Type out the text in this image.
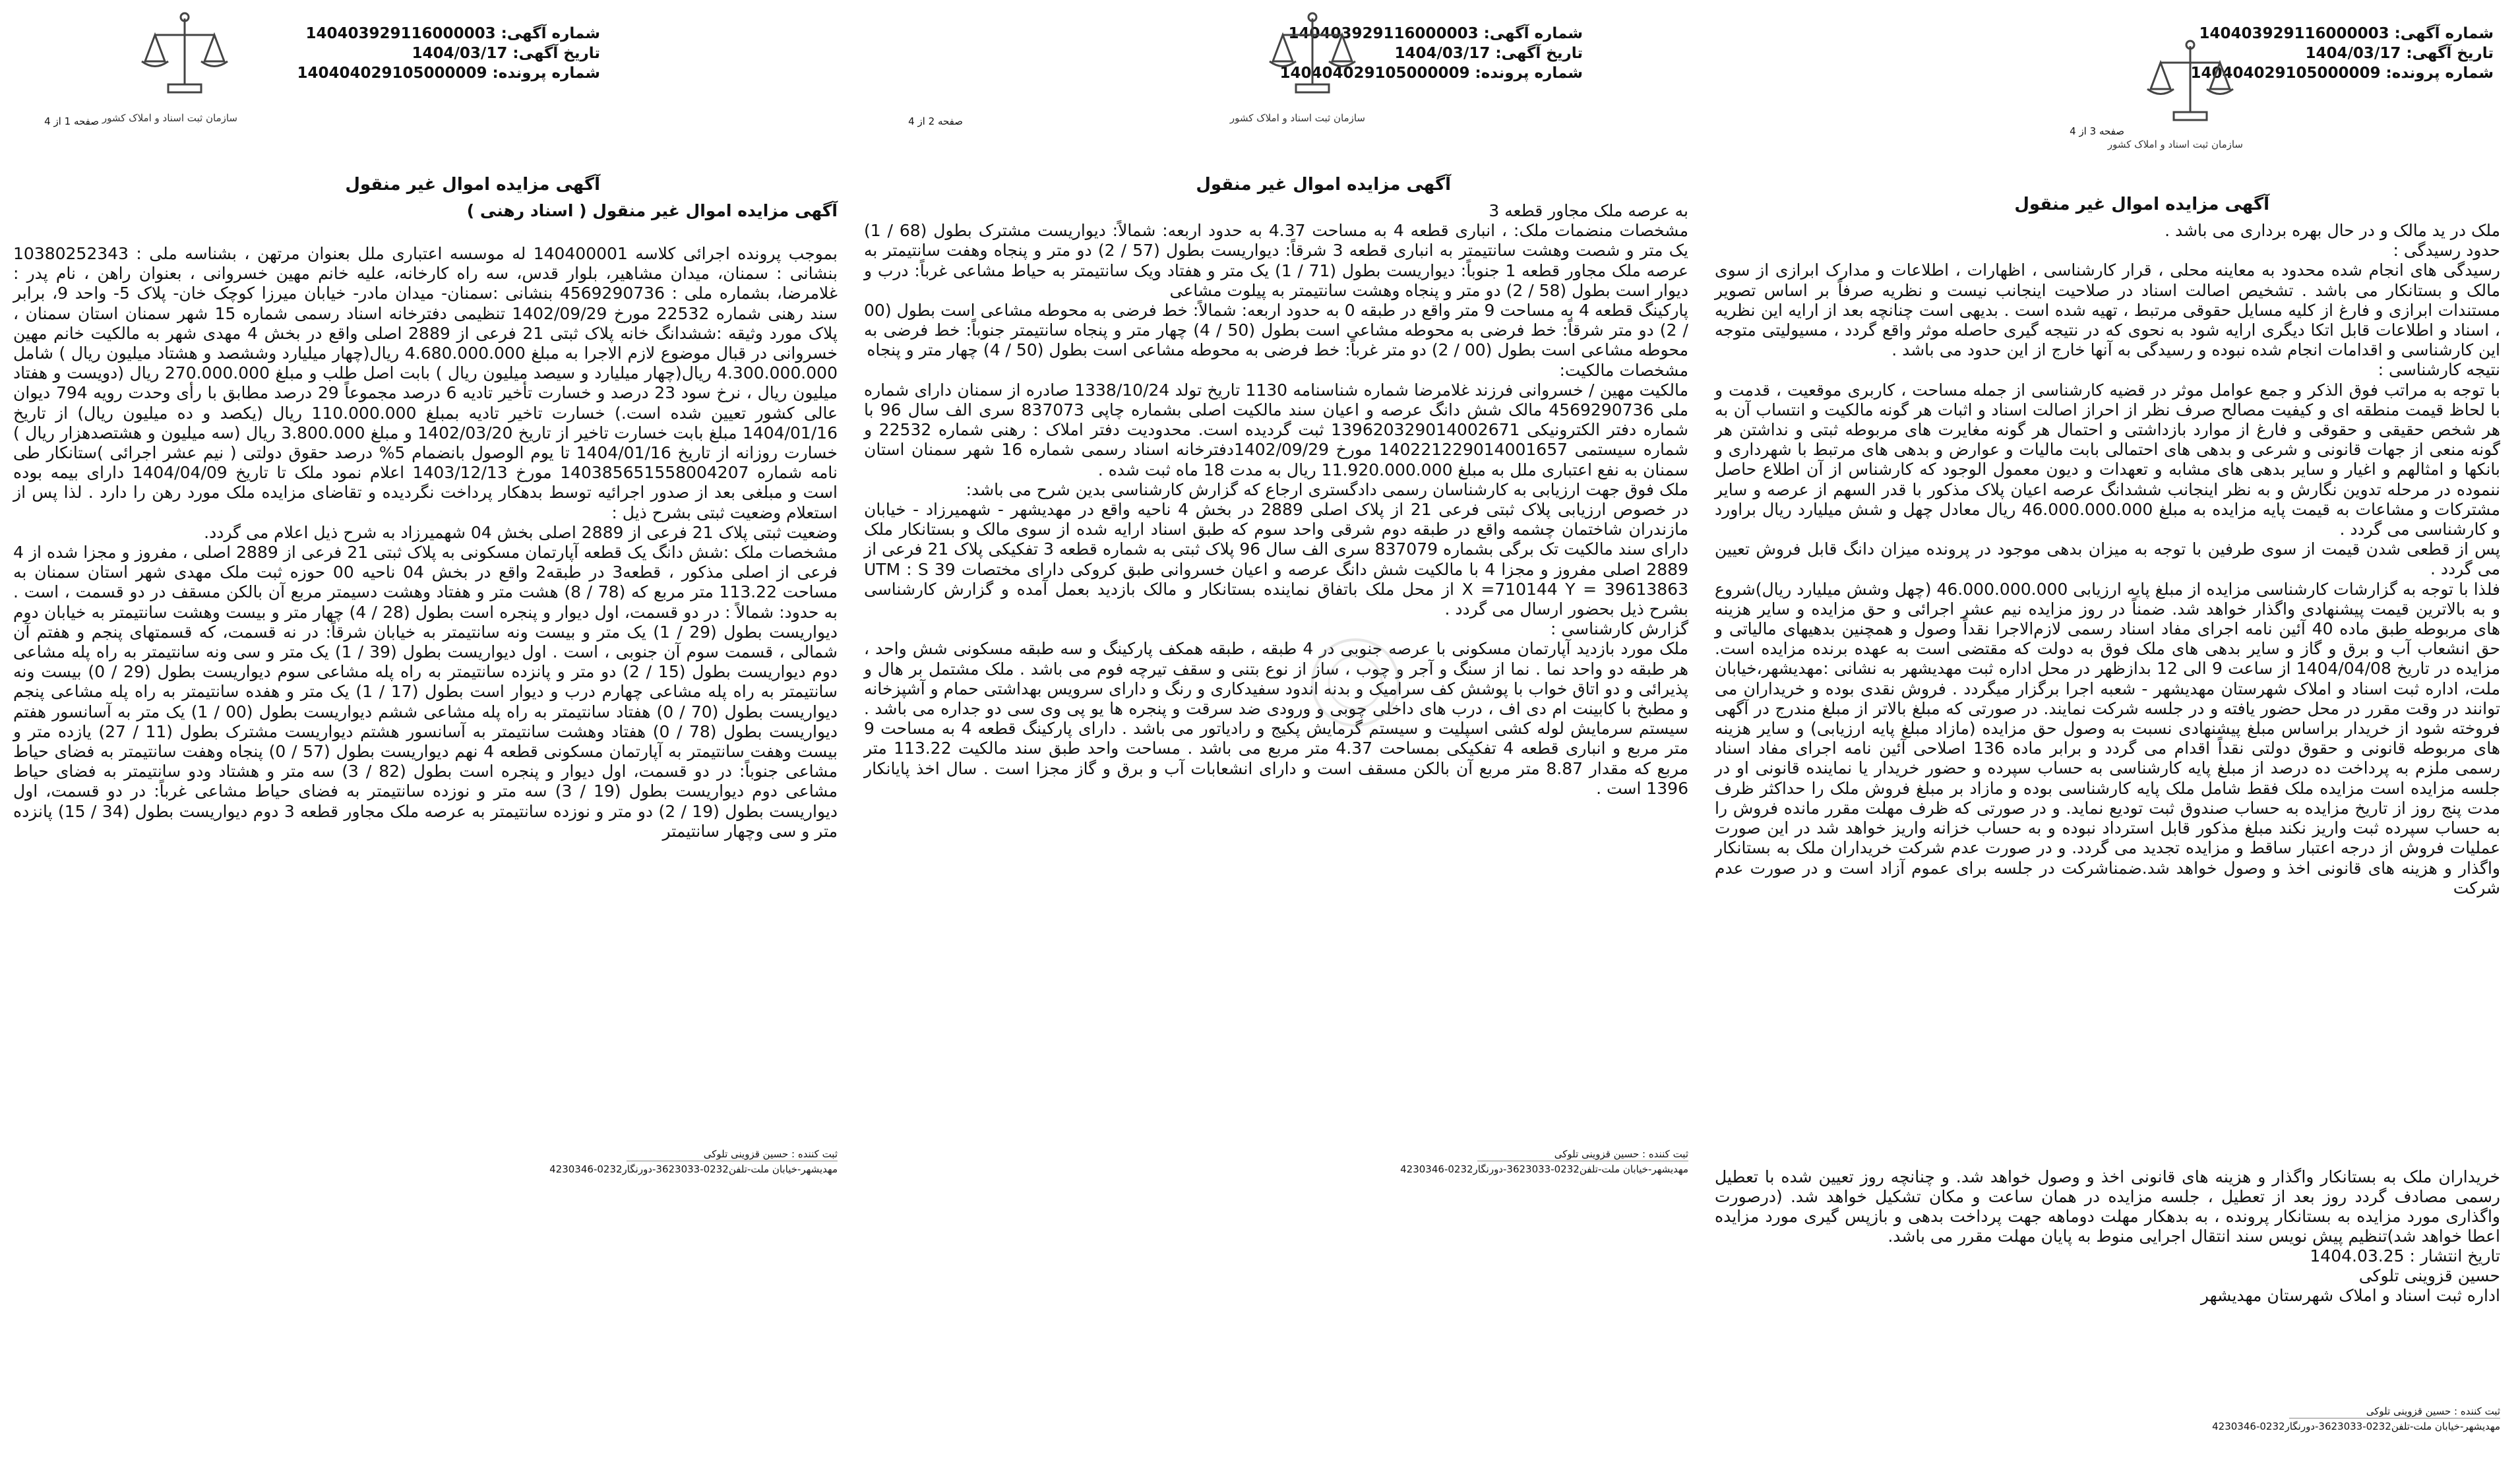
شماره آگهی: 140403929116000003
تاریخ آگهی: 1404/03/17
شماره پرونده: 140404029105000009
سازمان ثبت اسناد و املاک کشور
صفحه 1 از 4
آگهی مزایده اموال غیر منقول
آگهی مزایده اموال غیر منقول ( اسناد رهنی )

بموجب پرونده اجرائی کلاسه 140400001 له موسسه اعتباری ملل بعنوان مرتهن ، بشناسه ملی : 10380252343 بنشانی : سمنان، میدان مشاهیر، بلوار قدس، سه راه کارخانه، علیه خانم مهین خسروانی ، بعنوان راهن ، نام پدر : غلامرضا، بشماره ملی : 4569290736 بنشانی :سمنان- میدان مادر- خیابان میرزا کوچک خان- پلاک 5- واحد 9، برابر سند رهنی شماره 22532 مورخ 1402/09/29 تنظیمی دفترخانه اسناد رسمی شماره 15 شهر سمنان استان سمنان ، پلاک مورد وثیقه :ششدانگ خانه پلاک ثبتی 21 فرعی از 2889 اصلی واقع در بخش 4 مهدی شهر به مالکیت خانم مهین خسروانی در قبال موضوع لازم الاجرا به مبلغ 4.680.000.000 ریال(چهار میلیارد وششصد و هشتاد میلیون ریال ) شامل 4.300.000.000 ریال(چهار میلیارد و سیصد میلیون ریال ) بابت اصل طلب و مبلغ 270.000.000 ریال (دویست و هفتاد میلیون ریال ، نرخ سود 23 درصد و خسارت تأخیر تادیه 6 درصد مجموعاً 29 درصد مطابق با رأی وحدت رویه 794 دیوان عالی کشور تعیین شده است.) خسارت تاخیر تادیه بمبلغ 110.000.000 ریال (یکصد و ده میلیون ریال) از تاریخ 1404/01/16 مبلغ بابت خسارت تاخیر از تاریخ 1402/03/20 و مبلغ 3.800.000 ریال (سه میلیون و هشتصدهزار ریال ) خسارت روزانه از تاریخ 1404/01/16 تا یوم الوصول بانضمام 5% درصد حقوق دولتی ( نیم عشر اجرائی )ستانکار طی نامه شماره 140385651558004207 مورخ 1403/12/13 اعلام نمود ملک تا تاریخ 1404/04/09 دارای بیمه بوده است و مبلغی بعد از صدور اجرائیه توسط بدهکار پرداخت نگردیده و تقاضای مزایده ملک مورد رهن را دارد . لذا پس از استعلام وضعیت ثبتی بشرح ذیل :

وضعیت ثبتی پلاک 21 فرعی از 2889 اصلی بخش 04 شهمیرزاد به شرح ذیل اعلام می گردد.

مشخصات ملک :شش دانگ یک قطعه آپارتمان مسکونی به پلاک ثبتی 21 فرعی از 2889 اصلی ، مفروز و مجزا شده از 4 فرعی از اصلی مذکور ، قطعه3 در طبقه2 واقع در بخش 04 ناحیه 00 حوزه ثبت ملک مهدی شهر استان سمنان به مساحت 113.22 متر مربع که (78 / 8) هشت متر و هفتاد وهشت دسیمتر مربع آن بالکن مسقف در دو قسمت ، است . به حدود: شمالاً : در دو قسمت، اول دیوار و پنجره است بطول (28 / 4) چهار متر و بیست وهشت سانتیمتر به خیابان دوم دیواریست بطول (29 / 1) یک متر و بیست ونه سانتیمتر به خیابان شرقاً: در نه قسمت، که قسمتهای پنجم و هفتم آن شمالی ، قسمت سوم آن جنوبی ، است . اول دیواریست بطول (39 / 1) یک متر و سی ونه سانتیمتر به راه پله مشاعی دوم دیواریست بطول (15 / 2) دو متر و پانزده سانتیمتر به راه پله مشاعی سوم دیواریست بطول (29 / 0) بیست ونه سانتیمتر به راه پله مشاعی چهارم درب و دیوار است بطول (17 / 1) یک متر و هفده سانتیمتر به راه پله مشاعی پنجم دیواریست بطول (70 / 0) هفتاد سانتیمتر به راه پله مشاعی ششم دیواریست بطول (00 / 1) یک متر به آسانسور هفتم دیواریست بطول (78 / 0) هفتاد وهشت سانتیمتر به آسانسور هشتم دیواریست مشترک بطول (11 / 27) یازده متر و بیست وهفت سانتیمتر به آپارتمان مسکونی قطعه 4 نهم دیواریست بطول (57 / 0) پنجاه وهفت سانتیمتر به فضای حیاط مشاعی جنوباً: در دو قسمت، اول دیوار و پنجره است بطول (82 / 3) سه متر و هشتاد ودو سانتیمتر به فضای حیاط مشاعی دوم دیواریست بطول (19 / 3) سه متر و نوزده سانتیمتر به فضای حیاط مشاعی غرباً: در دو قسمت، اول دیواریست بطول (19 / 2) دو متر و نوزده سانتیمتر به عرصه ملک مجاور قطعه 3 دوم دیواریست بطول (34 / 15) پانزده متر و سی وچهار سانتیمتر

ثبت کننده : حسین قزوینی تلوکی
مهدیشهر-خیابان ملت-تلفن0232-3623033-دورنگار0232-4230346
شماره آگهی: 140403929116000003
تاریخ آگهی: 1404/03/17
شماره پرونده: 140404029105000009
سازمان ثبت اسناد و املاک کشور
صفحه 2 از 4
آگهی مزایده اموال غیر منقول

به عرصه ملک مجاور قطعه 3

مشخصات منضمات ملک: ، انباری قطعه 4 به مساحت 4.37 به حدود اربعه: شمالاً: دیواریست مشترک بطول (68 / 1) یک متر و شصت وهشت سانتیمتر به انباری قطعه 3 شرقاً: دیواریست بطول (57 / 2) دو متر و پنجاه وهفت سانتیمتر به عرصه ملک مجاور قطعه 1 جنوباً: دیواریست بطول (71 / 1) یک متر و هفتاد ویک سانتیمتر به حیاط مشاعی غرباً: درب و دیوار است بطول (58 / 2) دو متر و پنجاه وهشت سانتیمتر به پیلوت مشاعی

پارکینگ قطعه 4 به مساحت 9 متر واقع در طبقه 0 به حدود اربعه: شمالاً: خط فرضی به محوطه مشاعی است بطول (00 / 2) دو متر شرقاً: خط فرضی به محوطه مشاعی است بطول (50 / 4) چهار متر و پنجاه سانتیمتر جنوباً: خط فرضی به محوطه مشاعی است بطول (00 / 2) دو متر غرباً: خط فرضی به محوطه مشاعی است بطول (50 / 4) چهار متر و پنجاه

مشخصات مالکیت:

مالکیت مهین / خسروانی فرزند غلامرضا شماره شناسنامه 1130 تاریخ تولد 1338/10/24 صادره از سمنان دارای شماره ملی 4569290736 مالک شش دانگ عرصه و اعیان سند مالکیت اصلی بشماره چاپی 837073 سری الف سال 96 با شماره دفتر الکترونیکی 139620329014002671 ثبت گردیده است. محدودیت دفتر املاک : رهنی شماره 22532 و شماره سیستمی 140221229014001657 مورخ 1402/09/29دفترخانه اسناد رسمی شماره 16 شهر سمنان استان سمنان به نفع اعتباری ملل به مبلغ 11.920.000.000 ریال به مدت 18 ماه ثبت شده .

ملک فوق جهت ارزیابی به کارشناسان رسمی دادگستری ارجاع که گزارش کارشناسی بدین شرح می باشد:

در خصوص ارزیابی پلاک ثبتی فرعی 21 از پلاک اصلی 2889 در بخش 4 ناحیه واقع در مهدیشهر - شهمیرزاد - خیابان مازندران شاختمان چشمه واقع در طبقه دوم شرقی واحد سوم که طبق اسناد ارایه شده از سوی مالک و بستانکار ملک دارای سند مالکیت تک برگی بشماره 837079 سری الف سال 96 پلاک ثبتی به شماره قطعه 3 تفکیکی پلاک 21 فرعی از 2889 اصلی مفروز و مجزا 4 با مالکیت شش دانگ عرصه و اعیان خسروانی طبق کروکی دارای مختصات UTM : S 39 X =710144 Y = 39613863 از محل ملک باتفاق نماینده بستانکار و مالک بازدید بعمل آمده و گزارش کارشناسی بشرح ذیل بحضور ارسال می گردد .

گزارش کارشناسی :

ملک مورد بازدید آپارتمان مسکونی با عرصه جنوبی در 4 طبقه ، طبقه همکف پارکینگ و سه طبقه مسکونی شش واحد ، هر طبقه دو واحد نما . نما از سنگ و آجر و چوب ، ساز از نوع بتنی و سقف تیرچه فوم می باشد . ملک مشتمل بر هال و پذیرائی و دو اتاق خواب با پوشش کف سرامیک و بدنه اندود سفیدکاری و رنگ و دارای سرویس بهداشتی حمام و آشپزخانه و مطبخ با کابینت ام دی اف ، درب های داخلی چوبی و ورودی ضد سرقت و پنجره ها یو پی وی سی دو جداره می باشد . سیستم سرمایش لوله کشی اسپلیت و سیستم گرمایش پکیج و رادیاتور می باشد . دارای پارکینگ قطعه 4 به مساحت 9 متر مربع و انباری قطعه 4 تفکیکی بمساحت 4.37 متر مربع می باشد . مساحت واحد طبق سند مالکیت 113.22 متر مربع که مقدار 8.87 متر مربع آن بالکن مسقف است و دارای انشعابات آب و برق و گاز مجزا است . سال اخذ پایانکار 1396 است .

ثبت کننده : حسین قزوینی تلوکی
مهدیشهر-خیابان ملت-تلفن0232-3623033-دورنگار0232-4230346
شماره آگهی: 140403929116000003
تاریخ آگهی: 1404/03/17
شماره پرونده: 140404029105000009
سازمان ثبت اسناد و املاک کشور
صفحه 3 از 4
آگهی مزایده اموال غیر منقول

ملک در ید مالک و در حال بهره برداری می باشد .

حدود رسیدگی :

رسیدگی های انجام شده محدود به معاینه محلی ، قرار کارشناسی ، اظهارات ، اطلاعات و مدارک ابرازی از سوی مالک و بستانکار می باشد . تشخیص اصالت اسناد در صلاحیت اینجانب نیست و نظریه صرفاً بر اساس تصویر مستندات ابرازی و فارغ از کلیه مسایل حقوقی مرتبط ، تهیه شده است . بدیهی است چنانچه بعد از ارایه این نظریه ، اسناد و اطلاعات قابل اتکا دیگری ارایه شود به نحوی که در نتیجه گیری حاصله موثر واقع گردد ، مسیولیتی متوجه این کارشناسی و اقدامات انجام شده نبوده و رسیدگی به آنها خارج از این حدود می باشد .

نتیجه کارشناسی :

با توجه به مراتب فوق الذکر و جمع عوامل موثر در قضیه کارشناسی از جمله مساحت ، کاربری موقعیت ، قدمت و با لحاظ قیمت منطقه ای و کیفیت مصالح صرف نظر از احراز اصالت اسناد و اثبات هر گونه مالکیت و انتساب آن به هر شخص حقیقی و حقوقی و فارغ از موارد بازداشتی و احتمال هر گونه مغایرت های مربوطه ثبتی و نداشتن هر گونه منعی از جهات قانونی و شرعی و بدهی های احتمالی بابت مالیات و عوارض و بدهی های مرتبط با شهرداری و بانکها و امثالهم و اغیار و سایر بدهی های مشابه و تعهدات و دیون معمول الوجود که کارشناس از آن اطلاع حاصل ننموده در مرحله تدوین نگارش و به نظر اینجانب ششدانگ عرصه اعیان پلاک مذکور با قدر السهم از عرصه و سایر مشترکات و مشاعات به قیمت پایه مزایده به مبلغ 46.000.000.000 ریال معادل چهل و شش میلیارد ریال براورد و کارشناسی می گردد .

پس از قطعی شدن قیمت از سوی طرفین با توجه به میزان بدهی موجود در پرونده میزان دانگ قابل فروش تعیین می گردد .

فلذا با توجه به گزارشات کارشناسی مزایده از مبلغ پایه ارزیابی 46.000.000.000 (چهل وشش میلیارد ریال)شروع و به بالاترین قیمت پیشنهادی واگذار خواهد شد. ضمناً در روز مزایده نیم عشر اجرائی و حق مزایده و سایر هزینه های مربوطه طبق ماده 40 آئین نامه اجرای مفاد اسناد رسمی لازم‌الاجرا نقداً وصول و همچنین بدهیهای مالیاتی و حق انشعاب آب و برق و گاز و سایر بدهی های ملک فوق به دولت که مقتضی است به عهده برنده مزایده است. مزایده در تاریخ 1404/04/08 از ساعت 9 الی 12 بدازظهر در محل اداره ثبت مهدیشهر به نشانی :مهدیشهر،خیابان ملت، اداره ثبت اسناد و املاک شهرستان مهدیشهر - شعبه اجرا برگزار میگردد . فروش نقدی بوده و خریداران می توانند در وقت مقرر در محل حضور یافته و در جلسه شرکت نمایند. در صورتی که مبلغ بالاتر از مبلغ مندرج در آگهی فروخته شود از خریدار براساس مبلغ پیشنهادی نسبت به وصول حق مزایده (مازاد مبلغ پایه ارزیابی) و سایر هزینه های مربوطه قانونی و حقوق دولتی نقداً اقدام می گردد و برابر ماده 136 اصلاحی آئین نامه اجرای مفاد اسناد رسمی ملزم به پرداخت ده درصد از مبلغ پایه کارشناسی به حساب سپرده و حضور خریدار یا نماینده قانونی او در جلسه مزایده است مزایده ملک فقط شامل ملک پایه کارشناسی بوده و مازاد بر مبلغ فروش ملک را حداکثر ظرف مدت پنج روز از تاریخ مزایده به حساب صندوق ثبت تودیع نماید. و در صورتی که ظرف مهلت مقرر مانده فروش را به حساب سپرده ثبت واریز نکند مبلغ مذکور قابل استرداد نبوده و به حساب خزانه واریز خواهد شد در این صورت عملیات فروش از درجه اعتبار ساقط و مزایده تجدید می گردد. و در صورت عدم شرکت خریداران ملک به بستانکار واگذار و هزینه های قانونی اخذ و وصول خواهد شد.ضمناشرکت در جلسه برای عموم آزاد است و در صورت عدم شرکت

خریداران ملک به بستانکار واگذار و هزینه های قانونی اخذ و وصول خواهد شد. و چنانچه روز تعیین شده با تعطیل رسمی مصادف گردد روز بعد از تعطیل ، جلسه مزایده در همان ساعت و مکان تشکیل خواهد شد. (درصورت واگذاری مورد مزایده به بستانکار پرونده ، به بدهکار مهلت دوماهه جهت پرداخت بدهی و بازپس گیری مورد مزایده اعطا خواهد شد)تنظیم پیش نویس سند انتقال اجرایی منوط به پایان مهلت مقرر می باشد.

تاریخ انتشار : 1404.03.25

حسین قزوینی تلوکی

اداره ثبت اسناد و املاک شهرستان مهدیشهر

ثبت کننده : حسین قزوینی تلوکی
مهدیشهر-خیابان ملت-تلفن0232-3623033-دورنگار0232-4230346
